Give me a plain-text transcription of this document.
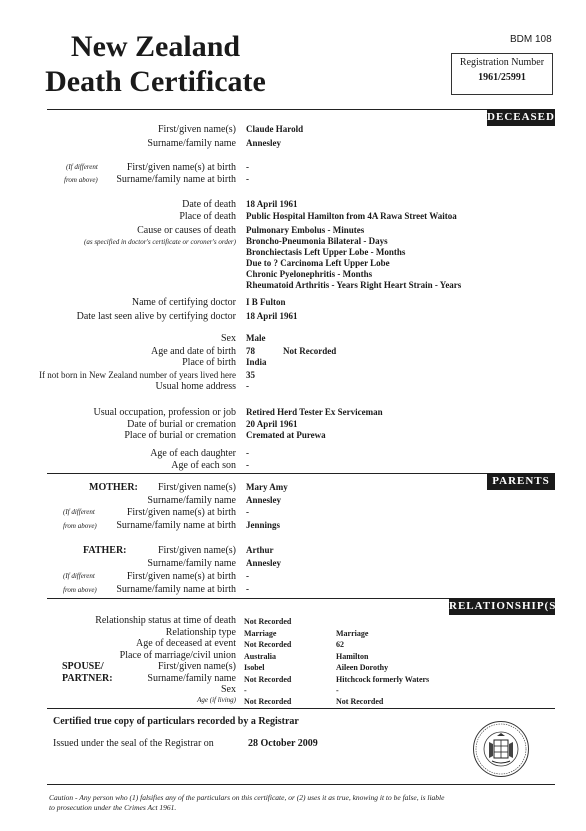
New Zealand
Death Certificate
BDM 108
Registration Number
1961/25991
DECEASED
First/given name(s) Claude Harold
Surname/family name Annesley
(If different
from above)
First/given name(s) at birth -
Surname/family name at birth -
Date of death 18 April 1961
Place of death Public Hospital Hamilton from 4A Rawa Street Waitoa
Cause or causes of death
(as specified in doctor's certificate or coroner's order)
Pulmonary Embolus - Minutes
Broncho-Pneumonia Bilateral - Days
Bronchiectasis Left Upper Lobe - Months
Due to ? Carcinoma Left Upper Lobe
Chronic Pyelonephritis - Months
Rheumatoid Arthritis - Years Right Heart Strain - Years
Name of certifying doctor I B Fulton
Date last seen alive by certifying doctor 18 April 1961
Sex Male
Age and date of birth 78	Not Recorded
Place of birth India
If not born in New Zealand number of years lived here 35
Usual home address -
Usual occupation, profession or job Retired Herd Tester Ex Serviceman
Date of burial or cremation 20 April 1961
Place of burial or cremation Cremated at Purewa
Age of each daughter -
Age of each son -
PARENTS
MOTHER: First/given name(s) Mary Amy
Surname/family name Annesley
(If different	First/given name(s) at birth -
from above) Surname/family name at birth Jennings
FATHER:	First/given name(s) Arthur
Surname/family name Annesley
(If different	First/given name(s) at birth -
from above) Surname/family name at birth -
RELATIONSHIP(S)
Relationship status at time of death Not Recorded
Relationship type Marriage	Marriage
Age of deceased at event Not Recorded	62
Place of marriage/civil union Australia	Hamilton
SPOUSE/
PARTNER:
First/given name(s) Isobel	Aileen Dorothy
Surname/family name Not Recorded	Hitchcock formerly Waters
Sex -	-
Age (if living) Not Recorded	Not Recorded
Certified true copy of particulars recorded by a Registrar
Issued under the seal of the Registrar on	28 October 2009
Caution - Any person who (1) falsifies any of the particulars on this certificate, or (2) uses it as true, knowing it to be false, is liable
to prosecution under the Crimes Act 1961.
